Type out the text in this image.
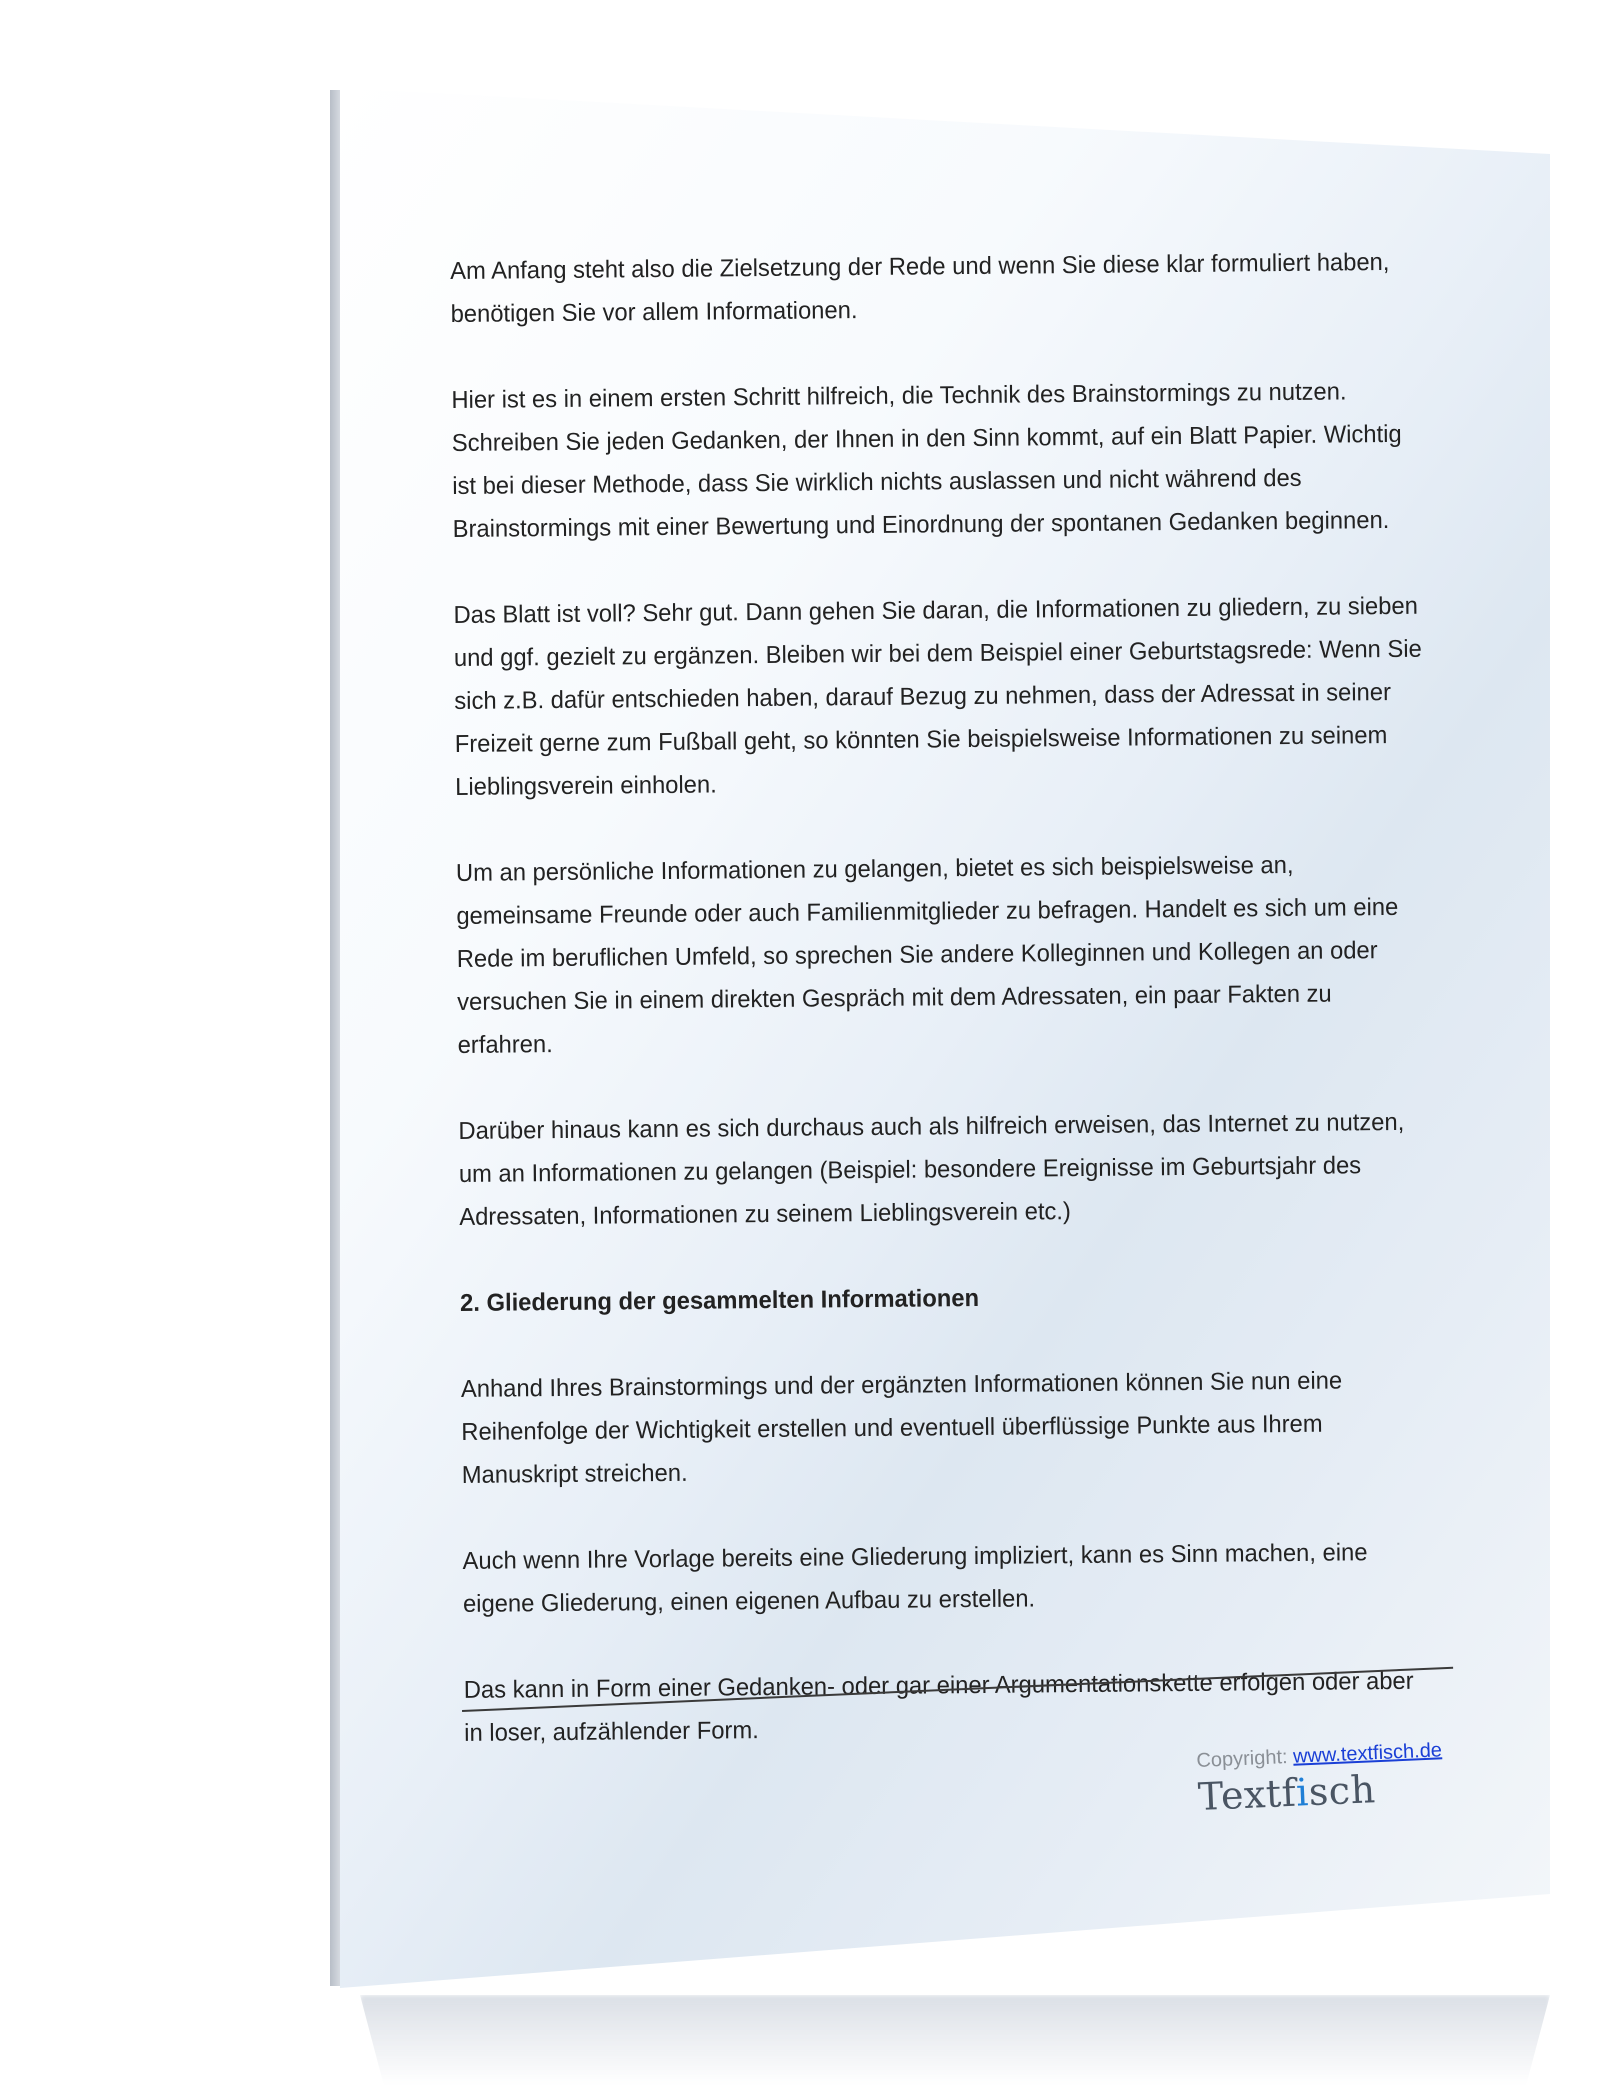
Am Anfang steht also die Zielsetzung der Rede und wenn Sie diese klar formuliert haben, benötigen Sie vor allem Informationen.

Hier ist es in einem ersten Schritt hilfreich, die Technik des Brainstormings zu nutzen. Schreiben Sie jeden Gedanken, der Ihnen in den Sinn kommt, auf ein Blatt Papier. Wichtig ist bei dieser Methode, dass Sie wirklich nichts auslassen und nicht während des Brainstormings mit einer Bewertung und Einordnung der spontanen Gedanken beginnen.

Das Blatt ist voll? Sehr gut. Dann gehen Sie daran, die Informationen zu gliedern, zu sieben und ggf. gezielt zu ergänzen. Bleiben wir bei dem Beispiel einer Geburtstagsrede: Wenn Sie sich z.B. dafür entschieden haben, darauf Bezug zu nehmen, dass der Adressat in seiner Freizeit gerne zum Fußball geht, so könnten Sie beispielsweise Informationen zu seinem Lieblingsverein einholen.

Um an persönliche Informationen zu gelangen, bietet es sich beispielsweise an, gemeinsame Freunde oder auch Familienmitglieder zu befragen. Handelt es sich um eine Rede im beruflichen Umfeld, so sprechen Sie andere Kolleginnen und Kollegen an oder versuchen Sie in einem direkten Gespräch mit dem Adressaten, ein paar Fakten zu erfahren.

Darüber hinaus kann es sich durchaus auch als hilfreich erweisen, das Internet zu nutzen, um an Informationen zu gelangen (Beispiel: besondere Ereignisse im Geburtsjahr des Adressaten, Informationen zu seinem Lieblingsverein etc.)

2. Gliederung der gesammelten Informationen

Anhand Ihres Brainstormings und der ergänzten Informationen können Sie nun eine Reihenfolge der Wichtigkeit erstellen und eventuell überflüssige Punkte aus Ihrem Manuskript streichen.

Auch wenn Ihre Vorlage bereits eine Gliederung impliziert, kann es Sinn machen, eine eigene Gliederung, einen eigenen Aufbau zu erstellen.

Das kann in Form einer Gedanken- oder gar einer Argumentationskette erfolgen oder aber in loser, aufzählender Form.

Copyright: www.textfisch.de
Textfisch
